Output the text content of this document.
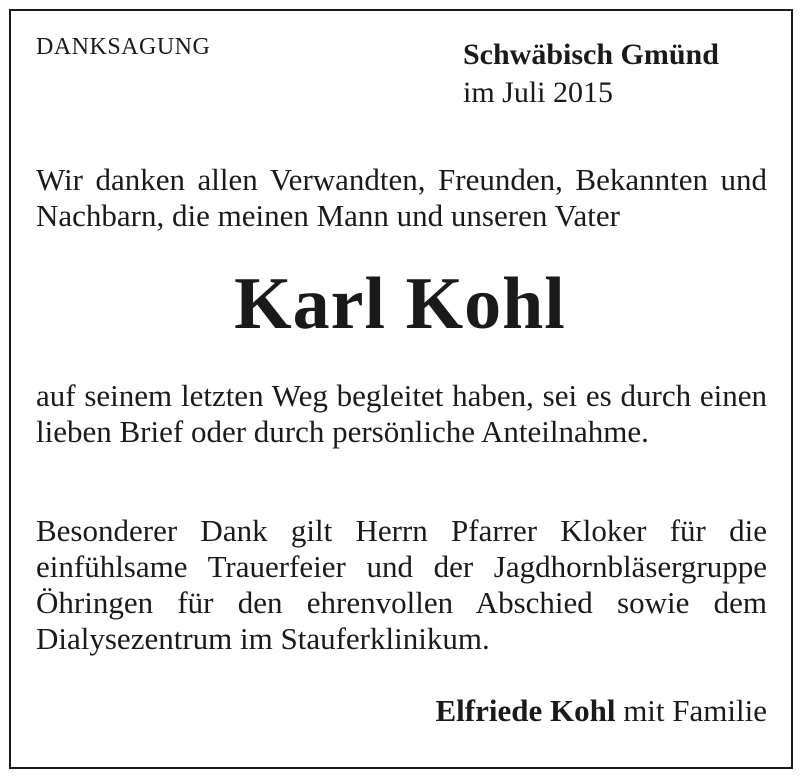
DANKSAGUNG	Schwäbisch Gmünd
im Juli 2015
Wir danken allen Verwandten, Freunden, Bekannten und Nachbarn, die meinen Mann und unseren Vater
Karl Kohl
auf seinem letzten Weg begleitet haben, sei es durch einen lieben Brief oder durch persönliche Anteilnahme.
Besonderer Dank gilt Herrn Pfarrer Kloker für die einfühlsame Trauerfeier und der Jagdhornbläsergruppe Öhringen für den ehrenvollen Abschied sowie dem Dialysezentrum im Stauferklinikum.
Elfriede Kohl mit Familie
